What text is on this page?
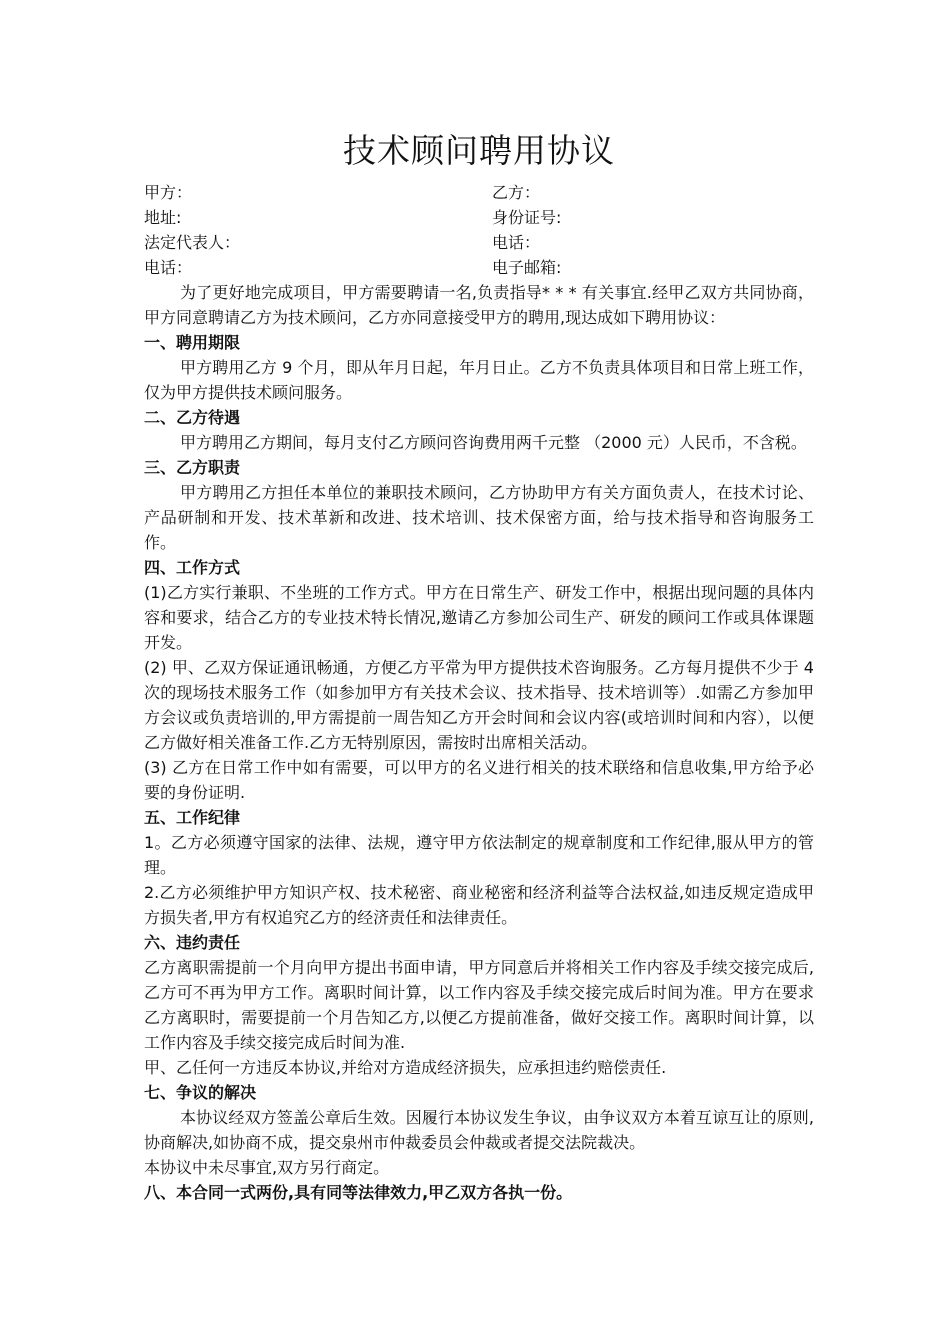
技术顾问聘用协议
甲方：
地址:
法定代表人：
电话：
乙方：
身份证号:
电话：
电子邮箱:

为了更好地完成项目，甲方需要聘请一名,负责指导* * * 有关事宜.经甲乙双方共同协商，甲方同意聘请乙方为技术顾问，乙方亦同意接受甲方的聘用,现达成如下聘用协议：

一、聘用期限

甲方聘用乙方 9 个月，即从年月日起，年月日止。乙方不负责具体项目和日常上班工作，仅为甲方提供技术顾问服务。

二、乙方待遇

甲方聘用乙方期间，每月支付乙方顾问咨询费用两千元整 （2000 元）人民币，不含税。

三、乙方职责

甲方聘用乙方担任本单位的兼职技术顾问，乙方协助甲方有关方面负责人，在技术讨论、产品研制和开发、技术革新和改进、技术培训、技术保密方面，给与技术指导和咨询服务工作。

四、工作方式

(1)乙方实行兼职、不坐班的工作方式。甲方在日常生产、研发工作中，根据出现问题的具体内容和要求，结合乙方的专业技术特长情况,邀请乙方参加公司生产、研发的顾问工作或具体课题开发。

(2) 甲、乙双方保证通讯畅通，方便乙方平常为甲方提供技术咨询服务。乙方每月提供不少于 4 次的现场技术服务工作（如参加甲方有关技术会议、技术指导、技术培训等）.如需乙方参加甲方会议或负责培训的,甲方需提前一周告知乙方开会时间和会议内容(或培训时间和内容），以便乙方做好相关准备工作.乙方无特别原因，需按时出席相关活动。

(3) 乙方在日常工作中如有需要，可以甲方的名义进行相关的技术联络和信息收集,甲方给予必要的身份证明.

五、工作纪律

1。乙方必须遵守国家的法律、法规，遵守甲方依法制定的规章制度和工作纪律,服从甲方的管理。

2.乙方必须维护甲方知识产权、技术秘密、商业秘密和经济利益等合法权益,如违反规定造成甲方损失者,甲方有权追究乙方的经济责任和法律责任。

六、违约责任

乙方离职需提前一个月向甲方提出书面申请，甲方同意后并将相关工作内容及手续交接完成后,乙方可不再为甲方工作。离职时间计算，以工作内容及手续交接完成后时间为准。甲方在要求乙方离职时，需要提前一个月告知乙方,以便乙方提前准备，做好交接工作。离职时间计算，以工作内容及手续交接完成后时间为准.

甲、乙任何一方违反本协议,并给对方造成经济损失，应承担违约赔偿责任.

七、争议的解决

本协议经双方签盖公章后生效。因履行本协议发生争议，由争议双方本着互谅互让的原则,协商解决,如协商不成，提交泉州市仲裁委员会仲裁或者提交法院裁决。

本协议中未尽事宜,双方另行商定。

八、本合同一式两份,具有同等法律效力,甲乙双方各执一份。
